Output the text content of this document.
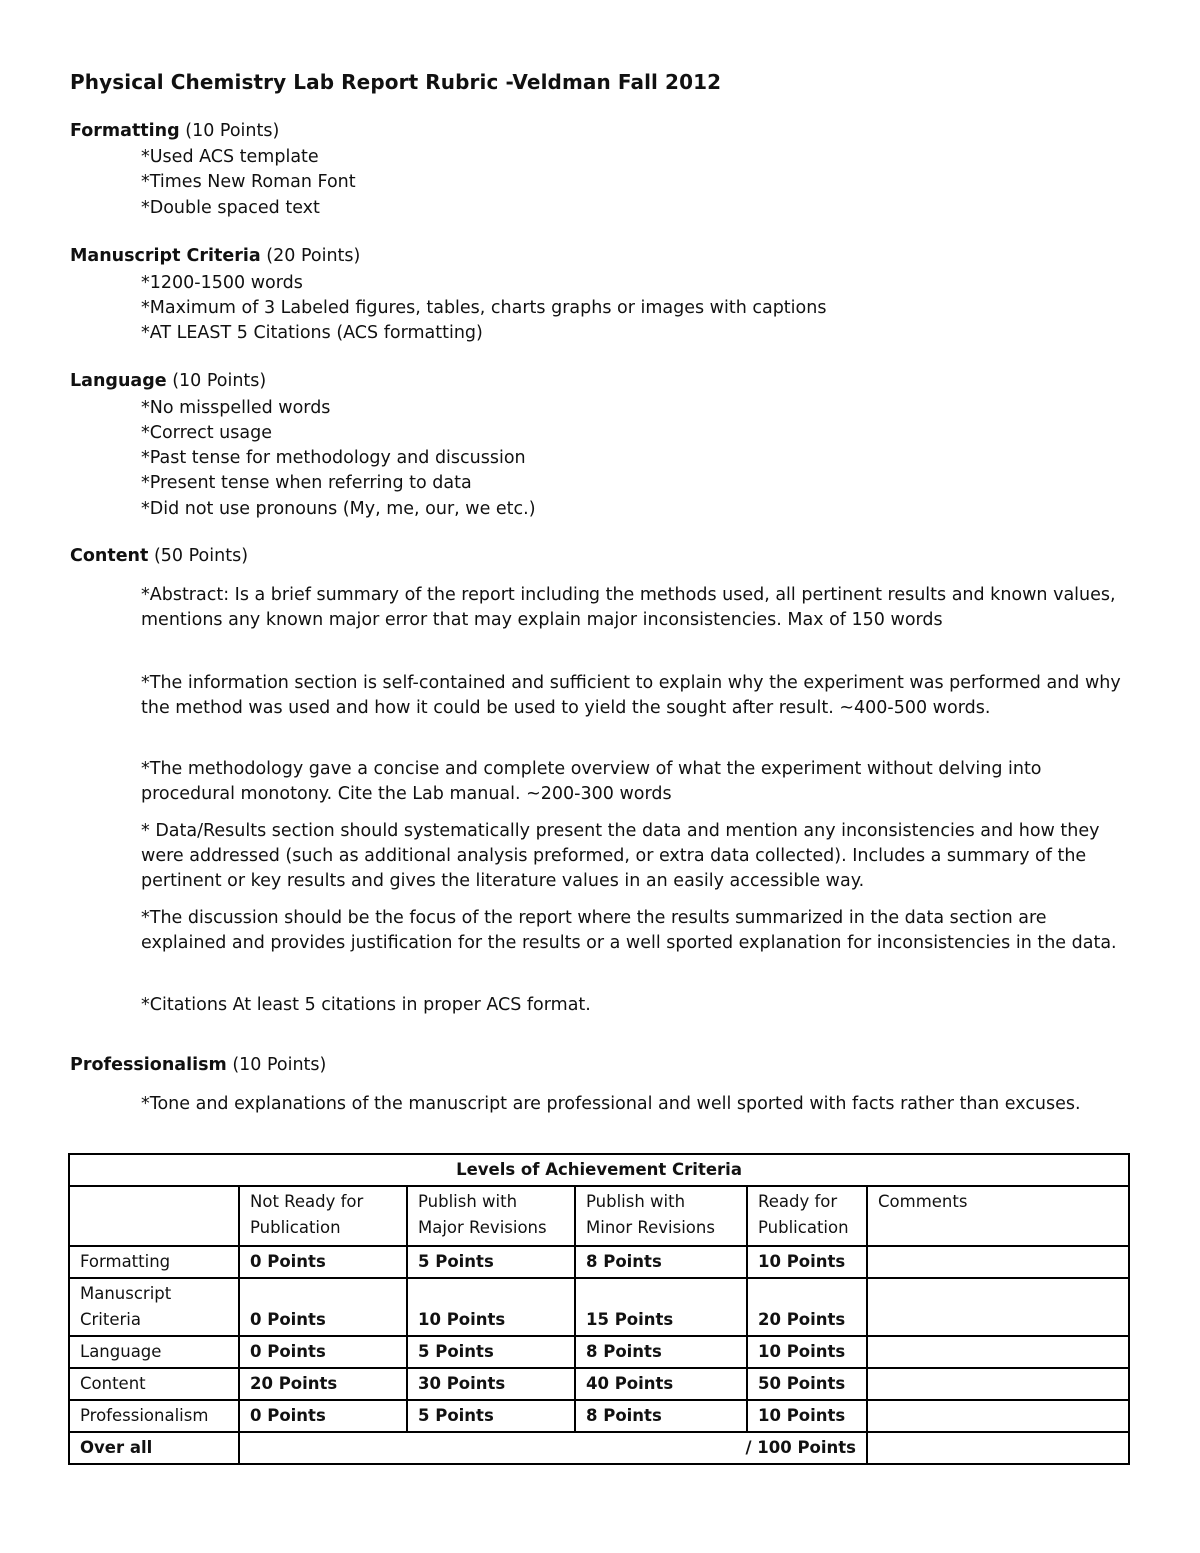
Physical Chemistry Lab Report Rubric -Veldman Fall 2012
Formatting (10 Points)
*Used ACS template
*Times New Roman Font
*Double spaced text
Manuscript Criteria (20 Points)
*1200-1500 words
*Maximum of 3 Labeled figures, tables, charts graphs or images with captions
*AT LEAST 5 Citations (ACS formatting)
Language (10 Points)
*No misspelled words
*Correct usage
*Past tense for methodology and discussion
*Present tense when referring to data
*Did not use pronouns (My, me, our, we etc.)
Content (50 Points)
*Abstract: Is a brief summary of the report including the methods used, all pertinent results and known values, mentions any known major error that may explain major inconsistencies. Max of 150 words
*The information section is self-contained and sufficient to explain why the experiment was performed and why the method was used and how it could be used to yield the sought after result. ~400-500 words.
*The methodology gave a concise and complete overview of what the experiment without delving into procedural monotony. Cite the Lab manual. ~200-300 words
* Data/Results section should systematically present the data and mention any inconsistencies and how they were addressed (such as additional analysis preformed, or extra data collected). Includes a summary of the pertinent or key results and gives the literature values in an easily accessible way.
*The discussion should be the focus of the report where the results summarized in the data section are explained and provides justification for the results or a well sported explanation for inconsistencies in the data.
*Citations At least 5 citations in proper ACS format.
Professionalism (10 Points)
*Tone and explanations of the manuscript are professional and well sported with facts rather than excuses.
Levels of Achievement Criteria					
	Not Ready for Publication	Publish with Major Revisions	Publish with Minor Revisions	Ready for Publication	Comments
Formatting	0 Points	5 Points	8 Points	10 Points	
Manuscript Criteria	0 Points	10 Points	15 Points	20 Points	
Language	0 Points	5 Points	8 Points	10 Points	
Content	20 Points	30 Points	40 Points	50 Points	
Professionalism	0 Points	5 Points	8 Points	10 Points	
Over all	/ 100 Points				
